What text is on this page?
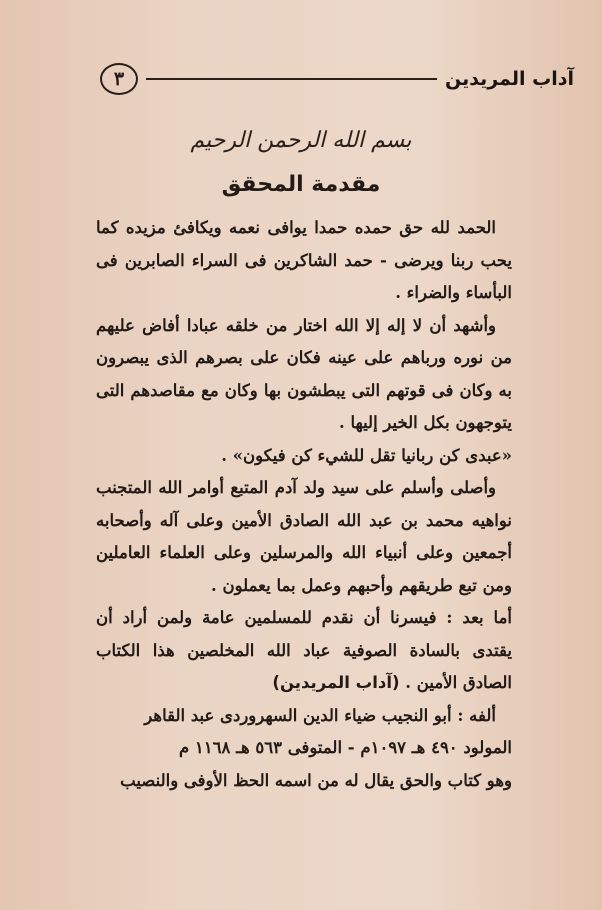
آداب المريدين
٣
بسم الله الرحمن الرحيم
مقدمة المحقق

الحمد لله حق حمده حمدا يوافى نعمه ويكافئ مزيده كما يحب ربنا ويرضى - حمد الشاكرين فى السراء الصابرين فى البأساء والضراء .

وأشهد أن لا إله إلا الله اختار من خلقه عبادا أفاض عليهم من نوره ورباهم على عينه فكان على بصرهم الذى يبصرون به وكان فى قوتهم التى يبطشون بها وكان مع مقاصدهم التى يتوجهون بكل الخير إليها .

«عبدى كن ربانيا تقل للشيء كن فيكون» .

وأصلى وأسلم على سيد ولد آدم المتبع أوامر الله المتجنب نواهيه محمد بن عبد الله الصادق الأمين وعلى آله وأصحابه أجمعين وعلى أنبياء الله والمرسلين وعلى العلماء العاملين ومن تبع طريقهم وأحبهم وعمل بما يعملون .

أما بعد : فيسرنا أن نقدم للمسلمين عامة ولمن أراد أن يقتدى بالسادة الصوفية عباد الله المخلصين هذا الكتاب الصادق الأمين . (آداب المريدين)

ألفه : أبو النجيب ضياء الدين السهروردى عبد القاهر

المولود ٤٩٠ هـ ١٠٩٧م - المتوفى ٥٦٣ هـ ١١٦٨ م

وهو كتاب والحق يقال له من اسمه الحظ الأوفى والنصيب
